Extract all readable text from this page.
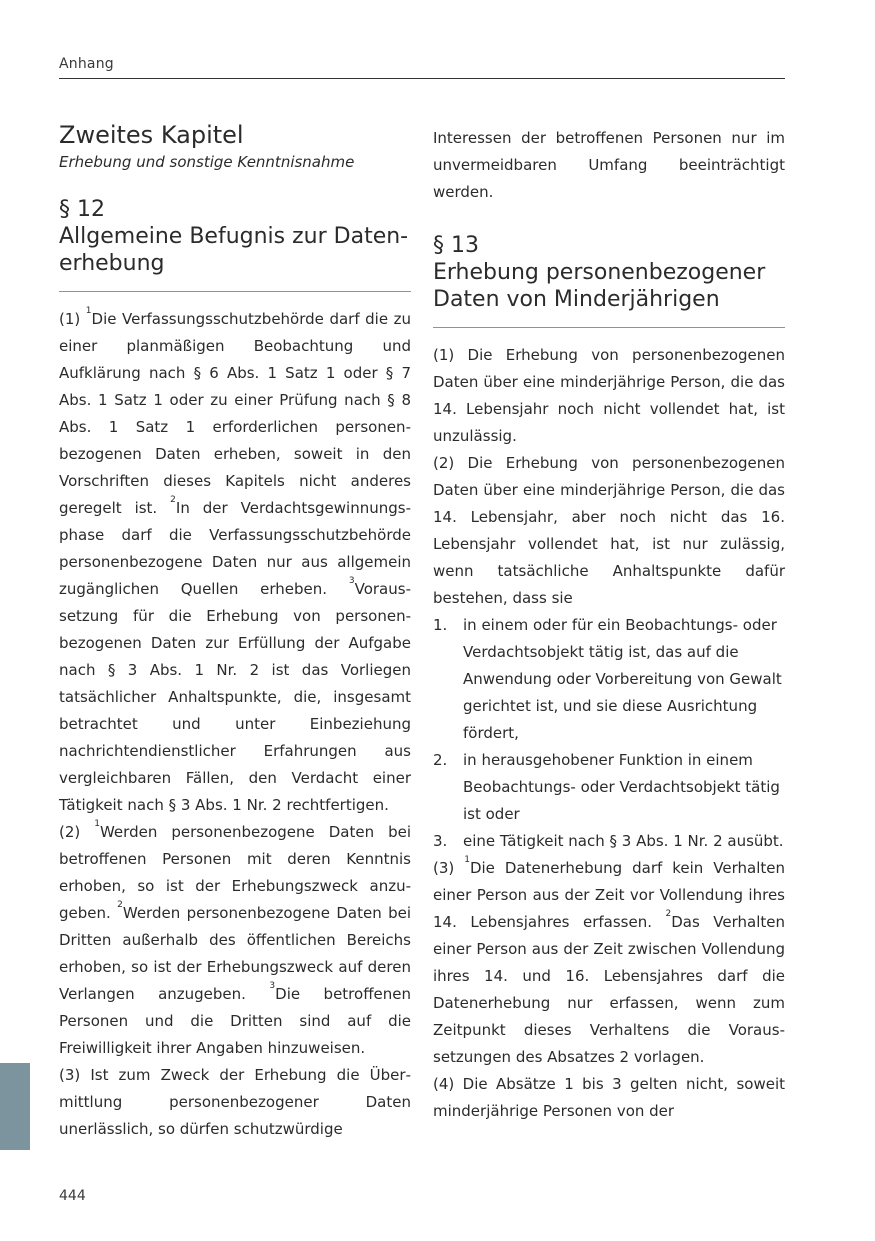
Anhang
Zweites Kapitel

Erhebung und sonstige Kenntnisnahme

§ 12
Allgemeine Befugnis zur Daten-
erhebung

(1) $^1$Die Verfassungsschutzbehörde darf die zu einer planmäßigen Beobachtung und Aufklärung nach § 6 Abs. 1 Satz 1 oder § 7 Abs. 1 Satz 1 oder zu einer Prüfung nach § 8 Abs. 1 Satz 1 erforderlichen personenbezogenen Daten erheben, soweit in den Vorschriften dieses Kapitels nicht anderes geregelt ist. $^2$In der Verdachtsgewinnungsphase darf die Verfassungsschutzbehörde personenbezogene Daten nur aus allgemein zugänglichen Quellen erheben. $^3$Voraussetzung für die Erhebung von personenbezogenen Daten zur Erfüllung der Aufgabe nach § 3 Abs. 1 Nr. 2 ist das Vorliegen tatsächlicher Anhaltspunkte, die, insgesamt betrachtet und unter Einbeziehung nachrichtendienstlicher Erfahrungen aus vergleichbaren Fällen, den Verdacht einer Tätigkeit nach § 3 Abs. 1 Nr. 2 rechtfertigen.

(2) $^1$Werden personenbezogene Daten bei betroffenen Personen mit deren Kenntnis erhoben, so ist der Erhebungszweck anzugeben. $^2$Werden personenbezogene Daten bei Dritten außerhalb des öffentlichen Bereichs erhoben, so ist der Erhebungszweck auf deren Verlangen anzugeben. $^3$Die betroffenen Personen und die Dritten sind auf die Freiwilligkeit ihrer Angaben hinzuweisen.

(3) Ist zum Zweck der Erhebung die Übermittlung personenbezogener Daten unerlässlich, so dürfen schutzwürdige

Interessen der betroffenen Personen nur im unvermeidbaren Umfang beeinträchtigt werden.

§ 13
Erhebung personenbezogener
Daten von Minderjährigen

(1) Die Erhebung von personenbezogenen Daten über eine minderjährige Person, die das 14. Lebensjahr noch nicht vollendet hat, ist unzulässig.

(2) Die Erhebung von personenbezogenen Daten über eine minderjährige Person, die das 14. Lebensjahr, aber noch nicht das 16. Lebensjahr vollendet hat, ist nur zulässig, wenn tatsächliche Anhaltspunkte dafür bestehen, dass sie

1. in einem oder für ein Beobachtungs- oder Verdachtsobjekt tätig ist, das auf die Anwendung oder Vorbereitung von Gewalt gerichtet ist, und sie diese Ausrichtung fördert,
2. in herausgehobener Funktion in einem Beobachtungs- oder Verdachtsobjekt tätig ist oder
3. eine Tätigkeit nach § 3 Abs. 1 Nr. 2 ausübt.

(3) $^1$Die Datenerhebung darf kein Verhalten einer Person aus der Zeit vor Vollendung ihres 14. Lebensjahres erfassen. $^2$Das Verhalten einer Person aus der Zeit zwischen Vollendung ihres 14. und 16. Lebensjahres darf die Datenerhebung nur erfassen, wenn zum Zeitpunkt dieses Verhaltens die Voraussetzungen des Absatzes 2 vorlagen.

(4) Die Absätze 1 bis 3 gelten nicht, soweit minderjährige Personen von der

444
